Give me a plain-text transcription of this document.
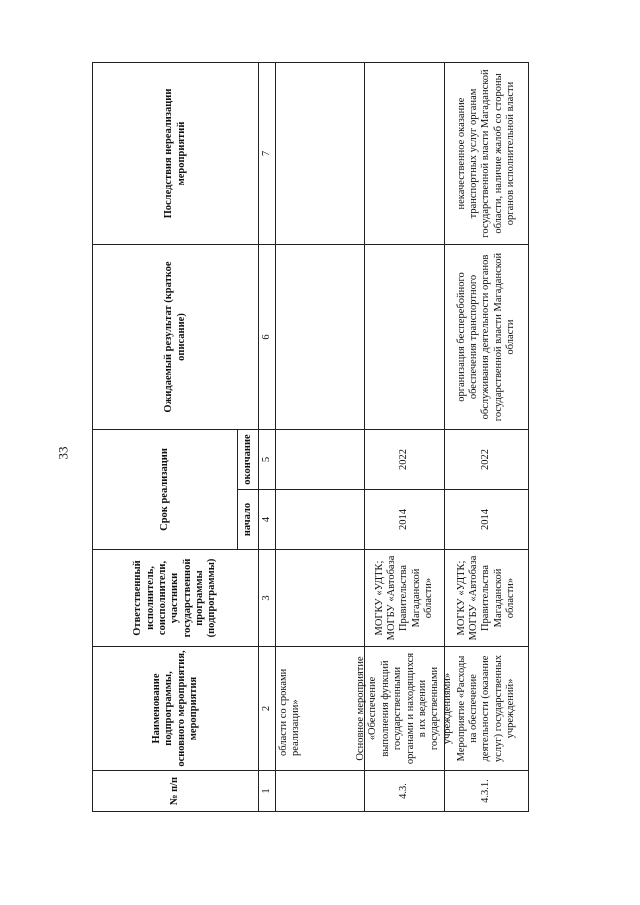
33
№ п/п
Наименование подпрограммы, основного мероприятия, мероприятия
Ответственный исполнитель, соисполнители, участники государственной программы (подпрограммы)
Срок реализации	начало
окончание
Ожидаемый результат (краткое описание)
Последствия нереализации мероприятий
1
2
3
4
5
6
7
области со сроками реализации»
4.3.
Основное мероприятие «Обеспечение выполнения функций государственными органами и находящихся в их ведении государственными учреждениями»
МОГКУ «УДТК; МОГБУ «Автобаза Правительства Магаданской области»
2014
2022
4.3.1.
Мероприятие «Расходы на обеспечение деятельности (оказание услуг) государственных учреждений»
МОГКУ «УДТК; МОГБУ «Автобаза Правительства Магаданской области»
2014
2022
организация бесперебойного обеспечения транспортного обслуживания деятельности органов государственной власти Магаданской области
некачественное оказание транспортных услуг органам государственной власти Магаданской области, наличие жалоб со стороны органов исполнительной власти
